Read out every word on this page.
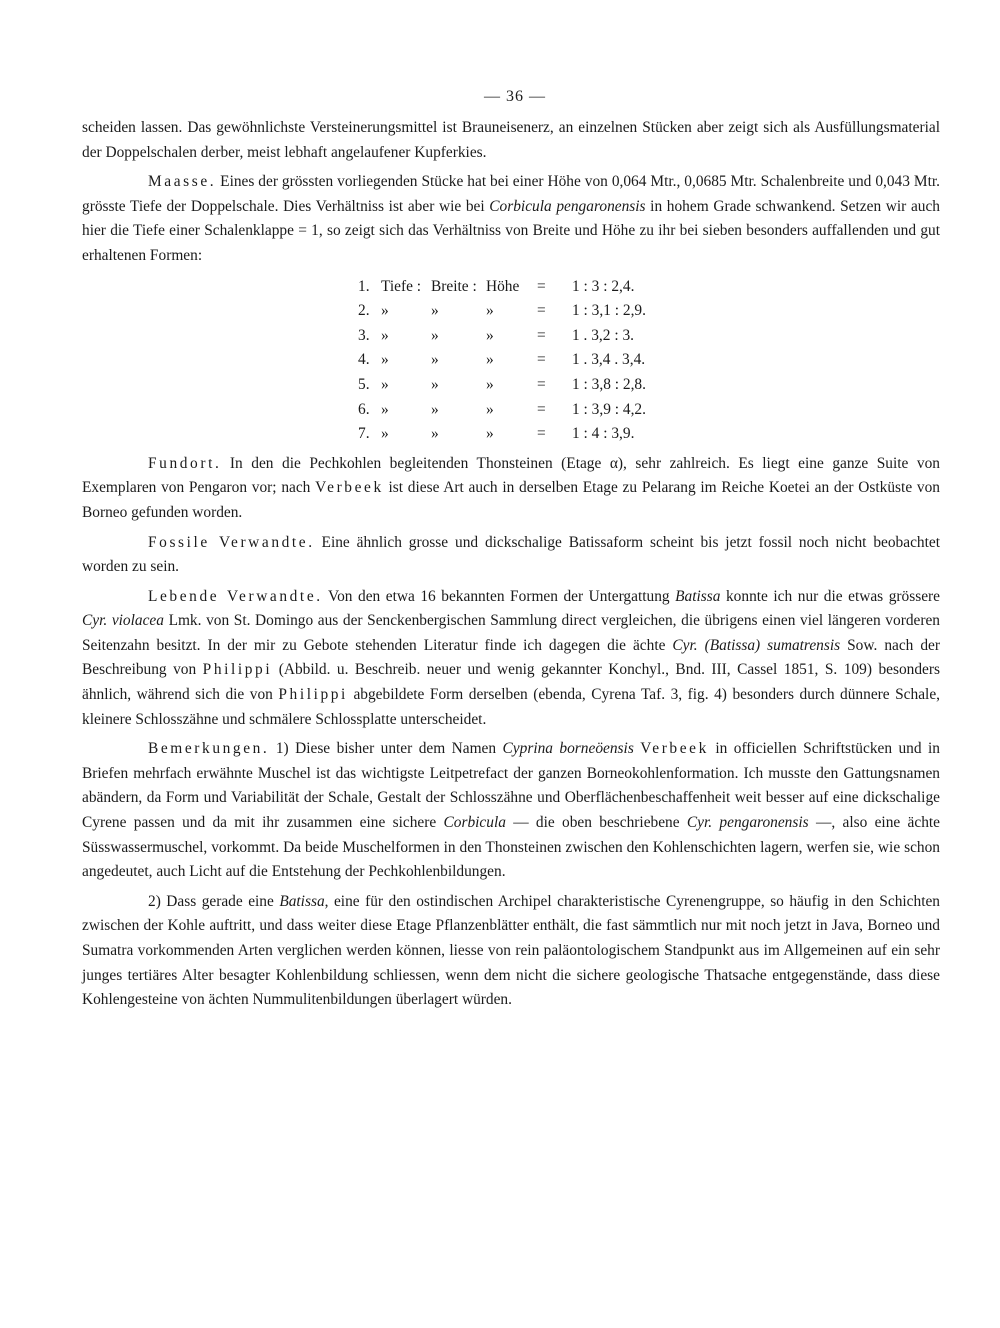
— 36 —

scheiden lassen. Das gewöhnlichste Versteinerungsmittel ist Brauneisenerz, an einzelnen Stücken aber zeigt sich als Ausfüllungsmaterial der Doppelschalen derber, meist lebhaft angelaufener Kupferkies.

Maasse. Eines der grössten vorliegenden Stücke hat bei einer Höhe von 0,064 Mtr., 0,0685 Mtr. Schalenbreite und 0,043 Mtr. grösste Tiefe der Doppelschale. Dies Verhältniss ist aber wie bei Corbicula pengaronensis in hohem Grade schwankend. Setzen wir auch hier die Tiefe einer Schalenklappe = 1, so zeigt sich das Verhältniss von Breite und Höhe zu ihr bei sieben besonders auffallenden und gut erhaltenen Formen:

1. Tiefe : Breite : Höhe = 1 : 3 : 2,4.
2. »	»	»	= 1 : 3,1 : 2,9.
3. »	»	»	= 1 . 3,2 : 3.
4. »	»	»	= 1 . 3,4 . 3,4.
5. »	»	»	= 1 : 3,8 : 2,8.
6. »	»	»	= 1 : 3,9 : 4,2.
7. »	»	»	= 1 : 4 : 3,9.

Fundort. In den die Pechkohlen begleitenden Thonsteinen (Etage α), sehr zahlreich. Es liegt eine ganze Suite von Exemplaren von Pengaron vor; nach Verbeek ist diese Art auch in derselben Etage zu Pelarang im Reiche Koetei an der Ostküste von Borneo gefunden worden.

Fossile Verwandte. Eine ähnlich grosse und dickschalige Batissaform scheint bis jetzt fossil noch nicht beobachtet worden zu sein.

Lebende Verwandte. Von den etwa 16 bekannten Formen der Untergattung Batissa konnte ich nur die etwas grössere Cyr. violacea Lmk. von St. Domingo aus der Senckenbergischen Sammlung direct vergleichen, die übrigens einen viel längeren vorderen Seitenzahn besitzt. In der mir zu Gebote stehenden Literatur finde ich dagegen die ächte Cyr. (Batissa) sumatrensis Sow. nach der Beschreibung von Philippi (Abbild. u. Beschreib. neuer und wenig gekannter Konchyl., Bnd. III, Cassel 1851, S. 109) besonders ähnlich, während sich die von Philippi abgebildete Form derselben (ebenda, Cyrena Taf. 3, fig. 4) besonders durch dünnere Schale, kleinere Schlosszähne und schmälere Schlossplatte unterscheidet.

Bemerkungen. 1) Diese bisher unter dem Namen Cyprina borneöensis Verbeek in officiellen Schriftstücken und in Briefen mehrfach erwähnte Muschel ist das wichtigste Leitpetrefact der ganzen Borneokohlenformation. Ich musste den Gattungsnamen abändern, da Form und Variabilität der Schale, Gestalt der Schlosszähne und Oberflächenbeschaffenheit weit besser auf eine dickschalige Cyrene passen und da mit ihr zusammen eine sichere Corbicula — die oben beschriebene Cyr. pengaronensis —, also eine ächte Süsswassermuschel, vorkommt. Da beide Muschelformen in den Thonsteinen zwischen den Kohlenschichten lagern, werfen sie, wie schon angedeutet, auch Licht auf die Entstehung der Pechkohlenbildungen.

2) Dass gerade eine Batissa, eine für den ostindischen Archipel charakteristische Cyrenengruppe, so häufig in den Schichten zwischen der Kohle auftritt, und dass weiter diese Etage Pflanzenblätter enthält, die fast sämmtlich nur mit noch jetzt in Java, Borneo und Sumatra vorkommenden Arten verglichen werden können, liesse von rein paläontologischem Standpunkt aus im Allgemeinen auf ein sehr junges tertiäres Alter besagter Kohlenbildung schliessen, wenn dem nicht die sichere geologische Thatsache entgegenstände, dass diese Kohlengesteine von ächten Nummulitenbildungen überlagert würden.
